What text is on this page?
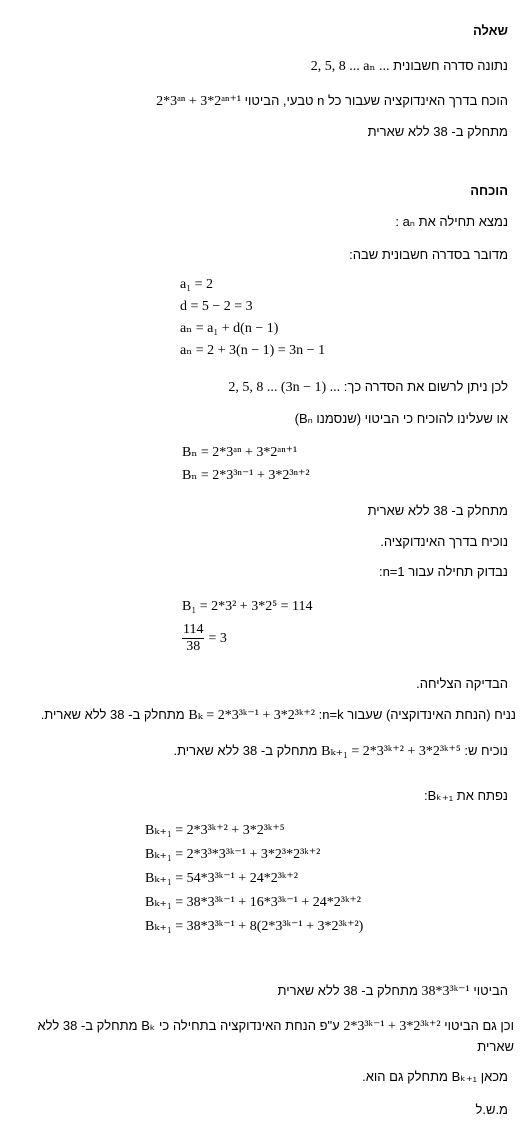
שאלה
נתונה סדרה חשבונית 2, 5, 8 ... aₙ ...
הוכח בדרך האינדוקציה שעבור כל n טבעי, הביטוי 2*3ᵃⁿ + 3*2ᵃⁿ⁺¹
מתחלק ב- 38 ללא שארית
הוכחה
נמצא תחילה את aₙ :
מדובר בסדרה חשבונית שבה:
a₁ = 2
d = 5 − 2 = 3
aₙ = a₁ + d(n − 1)
aₙ = 2 + 3(n − 1) = 3n − 1
לכן ניתן לרשום את הסדרה כך: 2, 5, 8 ... (3n − 1) ...
או שעלינו להוכיח כי הביטוי (שנסמנו Bₙ)
Bₙ = 2*3ᵃⁿ + 3*2ᵃⁿ⁺¹
Bₙ = 2*3³ⁿ⁻¹ + 3*2³ⁿ⁺²
מתחלק ב- 38 ללא שארית
נוכיח בדרך האינדוקציה.
נבדוק תחילה עבור n=1:
B₁ = 2*3² + 3*2⁵ = 114
$\frac{114}{38} = 3$
הבדיקה הצליחה.
נניח (הנחת האינדוקציה) שעבור n=k: Bₖ = 2*3³ᵏ⁻¹ + 3*2³ᵏ⁺² מתחלק ב- 38 ללא שארית.
נוכיח ש: Bₖ₊₁ = 2*3³ᵏ⁺² + 3*2³ᵏ⁺⁵ מתחלק ב- 38 ללא שארית.
נפתח את Bₖ₊₁:
Bₖ₊₁ = 2*3³ᵏ⁺² + 3*2³ᵏ⁺⁵
Bₖ₊₁ = 2*3³*3³ᵏ⁻¹ + 3*2³*2³ᵏ⁺²
Bₖ₊₁ = 54*3³ᵏ⁻¹ + 24*2³ᵏ⁺²
Bₖ₊₁ = 38*3³ᵏ⁻¹ + 16*3³ᵏ⁻¹ + 24*2³ᵏ⁺²
Bₖ₊₁ = 38*3³ᵏ⁻¹ + 8(2*3³ᵏ⁻¹ + 3*2³ᵏ⁺²)
הביטוי 38*3³ᵏ⁻¹ מתחלק ב- 38 ללא שארית
וכן גם הביטוי 2*3³ᵏ⁻¹ + 3*2³ᵏ⁺² ע"פ הנחת האינדוקציה בתחילה כי Bₖ מתחלק ב- 38 ללא שארית
מכאן Bₖ₊₁ מתחלק גם הוא.
מ.ש.ל
